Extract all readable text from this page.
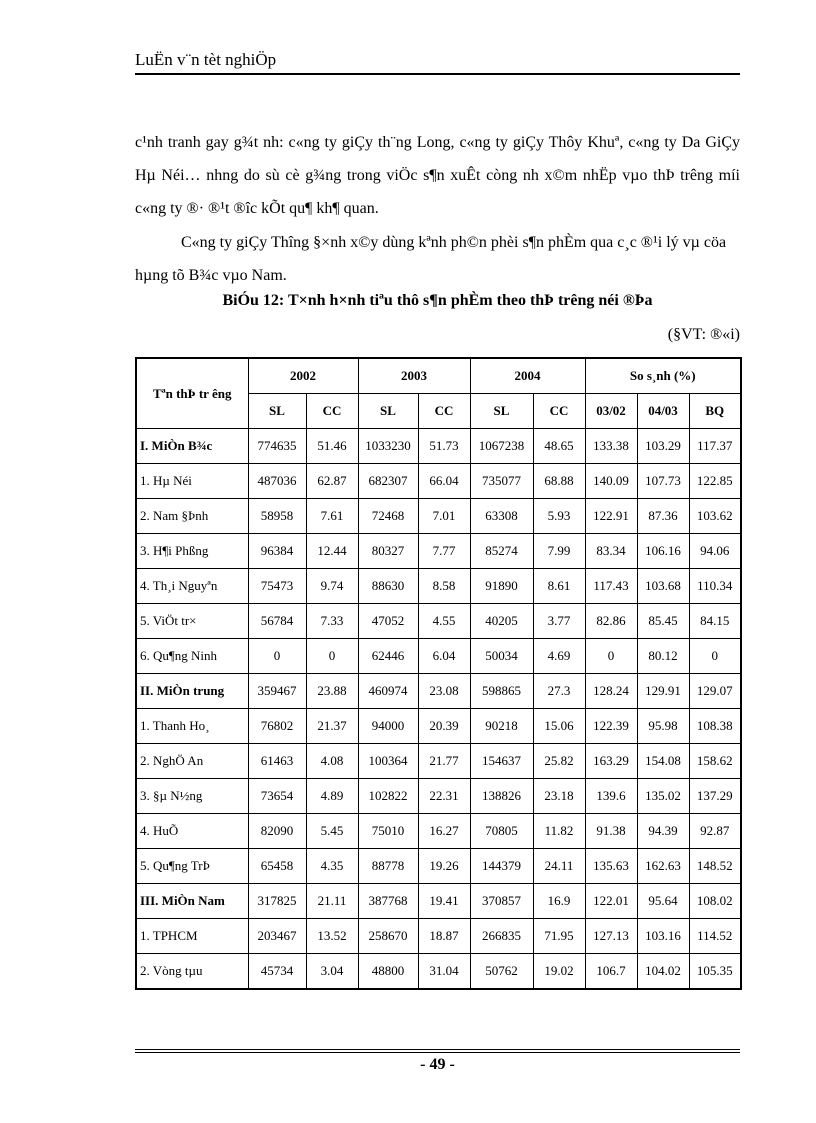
LuËn v¨n tèt nghiÖp

c¹nh tranh gay g¾t nh: c«ng ty giÇy th¨ng Long, c«ng ty giÇy Thôy Khuª, c«ng ty Da GiÇy Hµ Néi… nhng do sù cè g¾ng trong viÖc s¶n xuÊt còng nh x©m nhËp vµo thÞ trêng míi c«ng ty ®· ®¹t ®îc kÕt qu¶ kh¶ quan.

C«ng ty giÇy Thîng §×nh x©y dùng kªnh ph©n phèi s¶n phÈm qua c¸c ®¹i lý vµ cöa hµng tõ B¾c vµo Nam.

BiÓu 12: T×nh h×nh tiªu thô s¶n phÈm theo thÞ trêng néi ®Þa
(§VT: ®«i)
Tªn thÞ tr êng	2002		2003		2004		So s¸nh (%)		
	SL	CC	SL	CC	SL	CC	03/02	04/03	BQ
I. MiÒn B¾c	774635	51.46	1033230	51.73	1067238	48.65	133.38	103.29	117.37
1. Hµ Néi	487036	62.87	682307	66.04	735077	68.88	140.09	107.73	122.85
2. Nam §Þnh	58958	7.61	72468	7.01	63308	5.93	122.91	87.36	103.62
3. H¶i Phßng	96384	12.44	80327	7.77	85274	7.99	83.34	106.16	94.06
4. Th¸i Nguyªn	75473	9.74	88630	8.58	91890	8.61	117.43	103.68	110.34
5. ViÖt tr×	56784	7.33	47052	4.55	40205	3.77	82.86	85.45	84.15
6. Qu¶ng Ninh	0	0	62446	6.04	50034	4.69	0	80.12	0
II. MiÒn trung	359467	23.88	460974	23.08	598865	27.3	128.24	129.91	129.07
1. Thanh Ho¸	76802	21.37	94000	20.39	90218	15.06	122.39	95.98	108.38
2. NghÖ An	61463	4.08	100364	21.77	154637	25.82	163.29	154.08	158.62
3. §µ N½ng	73654	4.89	102822	22.31	138826	23.18	139.6	135.02	137.29
4. HuÕ	82090	5.45	75010	16.27	70805	11.82	91.38	94.39	92.87
5. Qu¶ng TrÞ	65458	4.35	88778	19.26	144379	24.11	135.63	162.63	148.52
III. MiÒn Nam	317825	21.11	387768	19.41	370857	16.9	122.01	95.64	108.02
1. TPHCM	203467	13.52	258670	18.87	266835	71.95	127.13	103.16	114.52
2. Vòng tµu	45734	3.04	48800	31.04	50762	19.02	106.7	104.02	105.35
- 49 -
